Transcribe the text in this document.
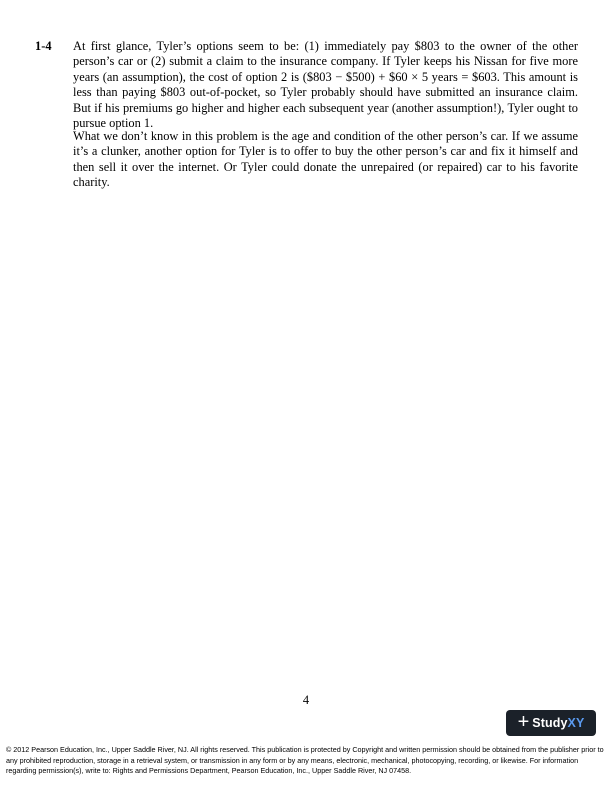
1-4 At first glance, Tyler’s options seem to be: (1) immediately pay $803 to the owner of the other person’s car or (2) submit a claim to the insurance company. If Tyler keeps his Nissan for five more years (an assumption), the cost of option 2 is ($803 − $500) + $60 × 5 years = $603. This amount is less than paying $803 out-of-pocket, so Tyler probably should have submitted an insurance claim. But if his premiums go higher and higher each subsequent year (another assumption!), Tyler ought to pursue option 1.

What we don’t know in this problem is the age and condition of the other person’s car. If we assume it’s a clunker, another option for Tyler is to offer to buy the other person’s car and fix it himself and then sell it over the internet. Or Tyler could donate the unrepaired (or repaired) car to his favorite charity.

4
+ StudyXY

© 2012 Pearson Education, Inc., Upper Saddle River, NJ. All rights reserved. This publication is protected by Copyright and written permission should be obtained from the publisher prior to any prohibited reproduction, storage in a retrieval system, or transmission in any form or by any means, electronic, mechanical, photocopying, recording, or likewise. For information regarding permission(s), write to: Rights and Permissions Department, Pearson Education, Inc., Upper Saddle River, NJ 07458.
